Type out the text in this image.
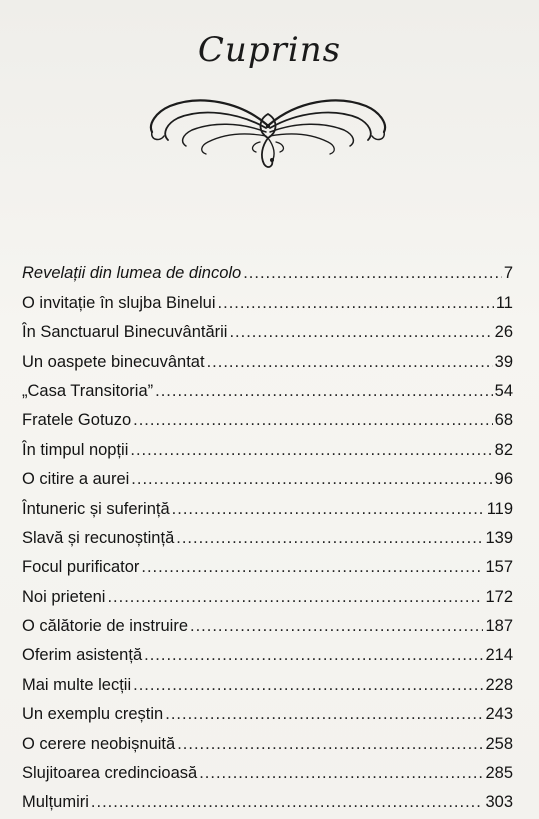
Cuprins
Revelații din lumea de dincolo .....	7
O invitație în slujba Binelui .....	11
În Sanctuarul Binecuvântării .....	26
Un oaspete binecuvântat .....	39
„Casa Transitoria” .....	54
Fratele Gotuzo .....	68
În timpul nopții .....	82
O citire a aurei .....	96
Întuneric și suferință .....	119
Slavă și recunoștință .....	139
Focul purificator .....	157
Noi prieteni .....	172
O călătorie de instruire .....	187
Oferim asistență .....	214
Mai multe lecții .....	228
Un exemplu creștin .....	243
O cerere neobișnuită .....	258
Slujitoarea credincioasă .....	285
Mulțumiri .....	303
